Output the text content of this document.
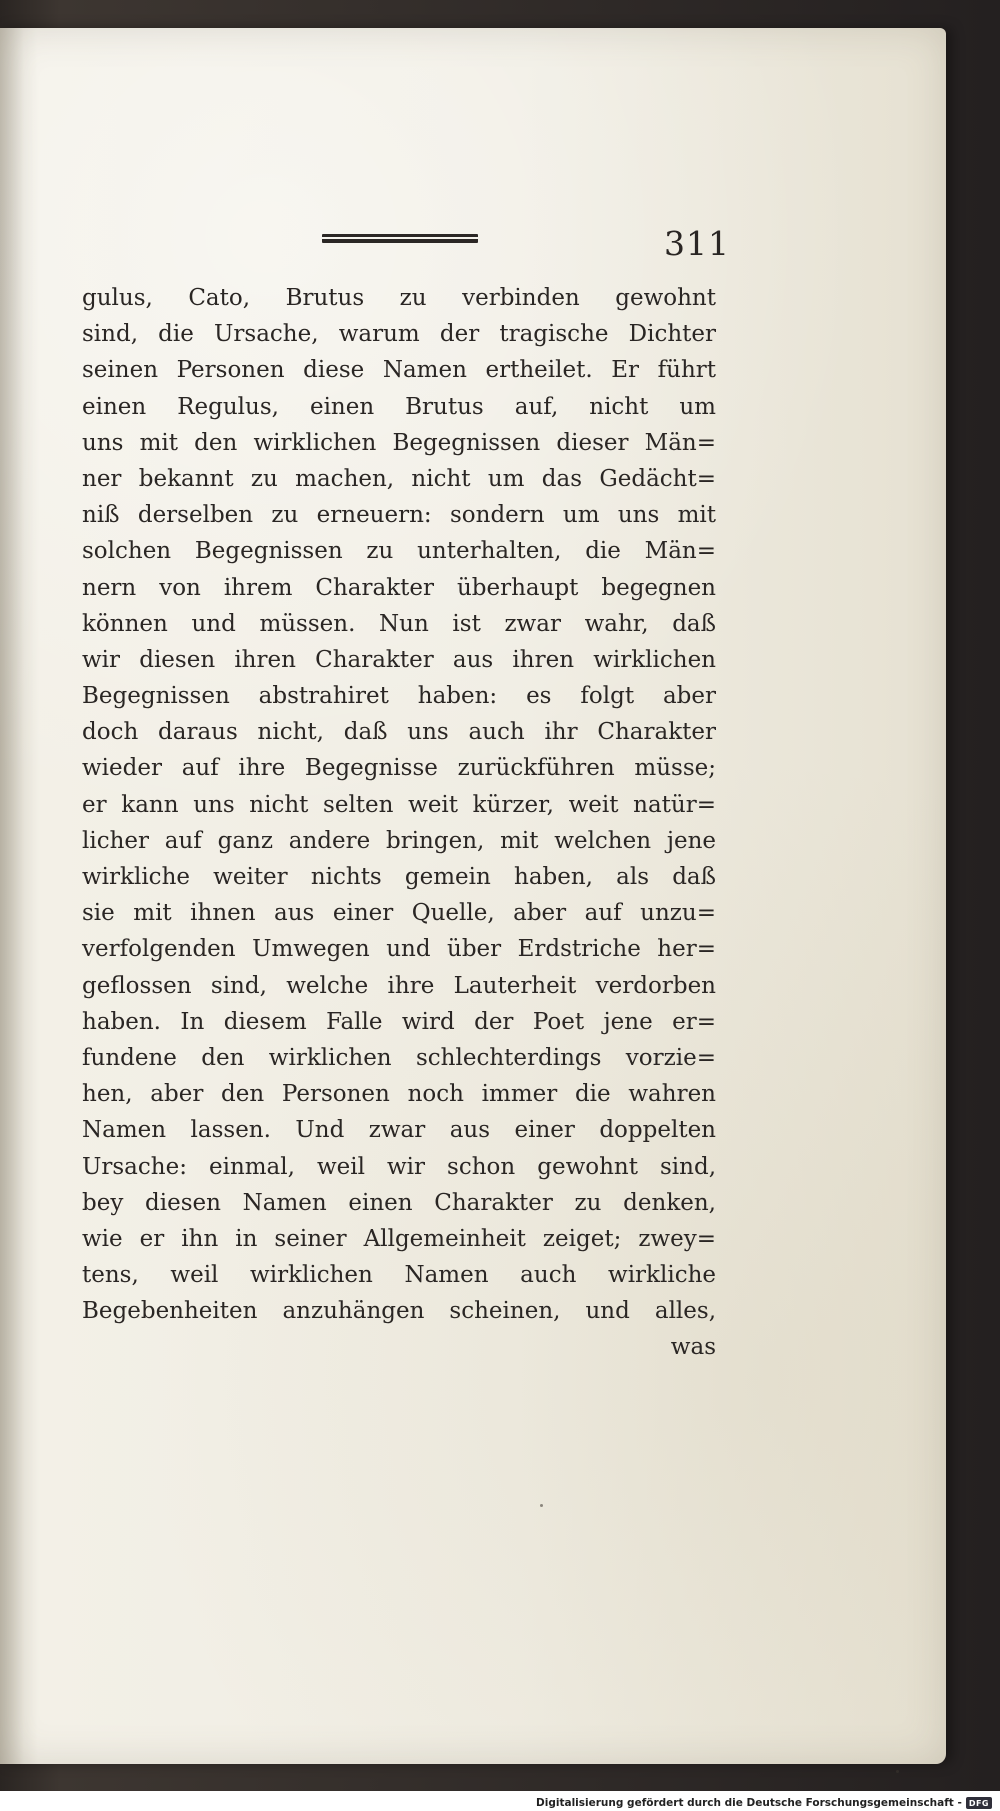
311
gulus, Cato, Brutus zu verbinden gewohnt
sind, die Ursache, warum der tragische Dichter
seinen Personen diese Namen ertheilet. Er führt
einen Regulus, einen Brutus auf, nicht um
uns mit den wirklichen Begegnissen dieser Män=
ner bekannt zu machen, nicht um das Gedächt=
niß derselben zu erneuern: sondern um uns mit
solchen Begegnissen zu unterhalten, die Män=
nern von ihrem Charakter überhaupt begegnen
können und müssen. Nun ist zwar wahr, daß
wir diesen ihren Charakter aus ihren wirklichen
Begegnissen abstrahiret haben: es folgt aber
doch daraus nicht, daß uns auch ihr Charakter
wieder auf ihre Begegnisse zurückführen müsse;
er kann uns nicht selten weit kürzer, weit natür=
licher auf ganz andere bringen, mit welchen jene
wirkliche weiter nichts gemein haben, als daß
sie mit ihnen aus einer Quelle, aber auf unzu=
verfolgenden Umwegen und über Erdstriche her=
geflossen sind, welche ihre Lauterheit verdorben
haben. In diesem Falle wird der Poet jene er=
fundene den wirklichen schlechterdings vorzie=
hen, aber den Personen noch immer die wahren
Namen lassen. Und zwar aus einer doppelten
Ursache: einmal, weil wir schon gewohnt sind,
bey diesen Namen einen Charakter zu denken,
wie er ihn in seiner Allgemeinheit zeiget; zwey=
tens, weil wirklichen Namen auch wirkliche
Begebenheiten anzuhängen scheinen, und alles,
was
Digitalisierung gefördert durch die Deutsche Forschungsgemeinschaft - DFG
